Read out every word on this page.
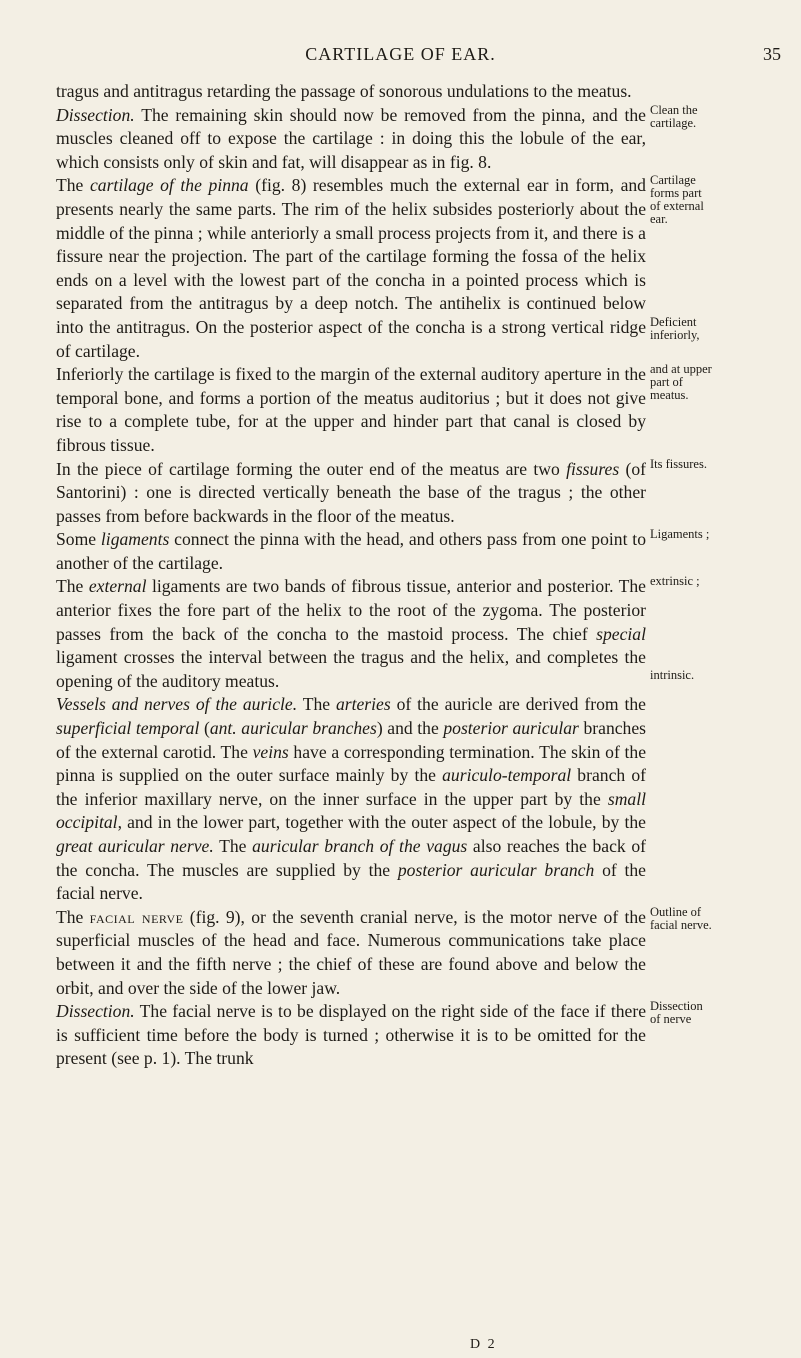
CARTILAGE OF EAR.	35

tragus and antitragus retarding the passage of sonorous undulations to the meatus.

Dissection. The remaining skin should now be removed from the pinna, and the muscles cleaned off to expose the cartilage : in doing this the lobule of the ear, which consists only of skin and fat, will disappear as in fig. 8.

The cartilage of the pinna (fig. 8) resembles much the external ear in form, and presents nearly the same parts. The rim of the helix subsides posteriorly about the middle of the pinna ; while anteriorly a small process projects from it, and there is a fissure near the projection. The part of the cartilage forming the fossa of the helix ends on a level with the lowest part of the concha in a pointed process which is separated from the antitragus by a deep notch. The antihelix is continued below into the antitragus. On the posterior aspect of the concha is a strong vertical ridge of cartilage.

Inferiorly the cartilage is fixed to the margin of the external auditory aperture in the temporal bone, and forms a portion of the meatus auditorius ; but it does not give rise to a complete tube, for at the upper and hinder part that canal is closed by fibrous tissue.

In the piece of cartilage forming the outer end of the meatus are two fissures (of Santorini) : one is directed vertically beneath the base of the tragus ; the other passes from before backwards in the floor of the meatus.

Some ligaments connect the pinna with the head, and others pass from one point to another of the cartilage.

The external ligaments are two bands of fibrous tissue, anterior and posterior. The anterior fixes the fore part of the helix to the root of the zygoma. The posterior passes from the back of the concha to the mastoid process. The chief special ligament crosses the interval between the tragus and the helix, and completes the opening of the auditory meatus.

Vessels and nerves of the auricle. The arteries of the auricle are derived from the superficial temporal (ant. auricular branches) and the posterior auricular branches of the external carotid. The veins have a corresponding termination. The skin of the pinna is supplied on the outer surface mainly by the auriculo-temporal branch of the inferior maxillary nerve, on the inner surface in the upper part by the small occipital, and in the lower part, together with the outer aspect of the lobule, by the great auricular nerve. The auricular branch of the vagus also reaches the back of the concha. The muscles are supplied by the posterior auricular branch of the facial nerve.

The facial nerve (fig. 9), or the seventh cranial nerve, is the motor nerve of the superficial muscles of the head and face. Numerous communications take place between it and the fifth nerve ; the chief of these are found above and below the orbit, and over the side of the lower jaw.

Dissection. The facial nerve is to be displayed on the right side of the face if there is sufficient time before the body is turned ; otherwise it is to be omitted for the present (see p. 1). The trunk

Clean the
cartilage.
Cartilage
forms part
of external
ear.
Deficient
inferiorly,
and at upper
part of
meatus.
Its fissures.
Ligaments ;
extrinsic ;
intrinsic.
Outline of
facial nerve.
Dissection
of nerve
D 2
